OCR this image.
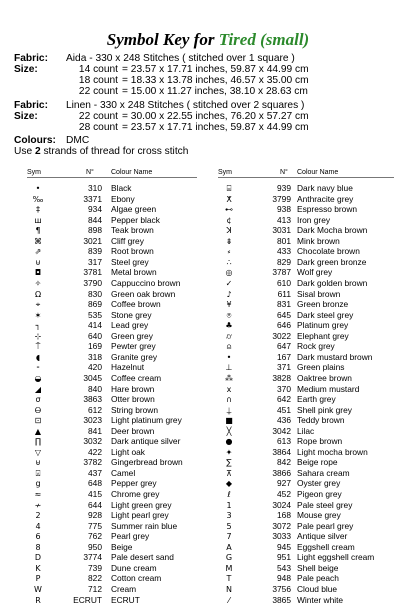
Symbol Key for Tired (small)
Fabric: Aida - 330 x 248 Stitches ( stitched over 1 square )
Size:	14 count = 23.57 x 17.71 inches, 59.87 x 44.99 cm
18 count = 18.33 x 13.78 inches, 46.57 x 35.00 cm
22 count = 15.00 x 11.27 inches, 38.10 x 28.63 cm
Fabric: Linen - 330 x 248 Stitches ( stitched over 2 squares )
Size:	22 count = 30.00 x 22.55 inches, 76.20 x 57.27 cm
28 count = 23.57 x 17.71 inches, 59.87 x 44.99 cm
Colours: DMC
Use 2 strands of thread for cross stitch
Sym	N° Colour Name	Sym	N° Colour Name
•	310 Black
‰	3371 Ebony
‡	934 Algae green
ш	844 Pepper black
¶	898 Teak brown
⌘	3021 Cliff grey
⇗	839 Root brown
⊍	317 Steel grey
◘	3781 Metal brown
✧	3790 Cappuccino brown
Ω	830 Green oak brown
⌖	869 Coffee brown
✶	535 Stone grey
┐	414 Lead grey
⊹	640 Green grey
⍑	169 Pewter grey
◖	318 Granite grey
⁃	420 Hazelnut
◒	3045 Coffee cream
◢	840 Hare brown
σ	3863 Otter brown
Ꮎ	612 String brown
⊡	3023 Light platinum grey
▲	841 Deer brown
∏	3032 Dark antique silver
▽	422 Light oak
⊎	3782 Gingerbread brown
⍓	437 Camel
g	648 Pepper grey
≈	415 Chrome grey
≁	644 Light green grey
2	928 Light pearl grey
4	775 Summer rain blue
6	762 Pearl grey
8	950 Beige
D	3774 Pale desert sand
K	739 Dune cream
P	822 Cotton cream
W	712 Cream
R	ECRUT ECRUT
⌸	939 Dark navy blue
ⵅ	3799 Anthracite grey
⊷	938 Espresso brown
¢	413 Iron grey
ꓘ	3031 Dark Mocha brown
⇟	801 Mink brown
⸗	433 Chocolate brown
∴	829 Dark green bronze
◎	3787 Wolf grey
✓	610 Dark golden brown
♪	611 Sisal brown
¥	831 Green bronze
⍟	645 Dark steel grey
♣	646 Platinum grey
⌭	3022 Elephant grey
⍝	647 Rock grey
•	167 Dark mustard brown
⊥	371 Green plains
⁂	3828 Oaktree brown
x	370 Medium mustard
∩	642 Earth grey
⍊	451 Shell pink grey
■	436 Teddy brown
╳	3042 Lilac
●	613 Rope brown
✦	3864 Light mocha brown
∑	842 Beige rope
⊼	3866 Sahara cream
◆	927 Oyster grey
ℓ	452 Pigeon grey
1	3024 Pale steel grey
3	168 Mouse grey
5	3072 Pale pearl grey
7	3033 Antique silver
A	945 Eggshell cream
G	951 Light eggshell cream
M	543 Shell beige
T	948 Pale peach
N	3756 Cloud blue
⁄	3865 Winter white
